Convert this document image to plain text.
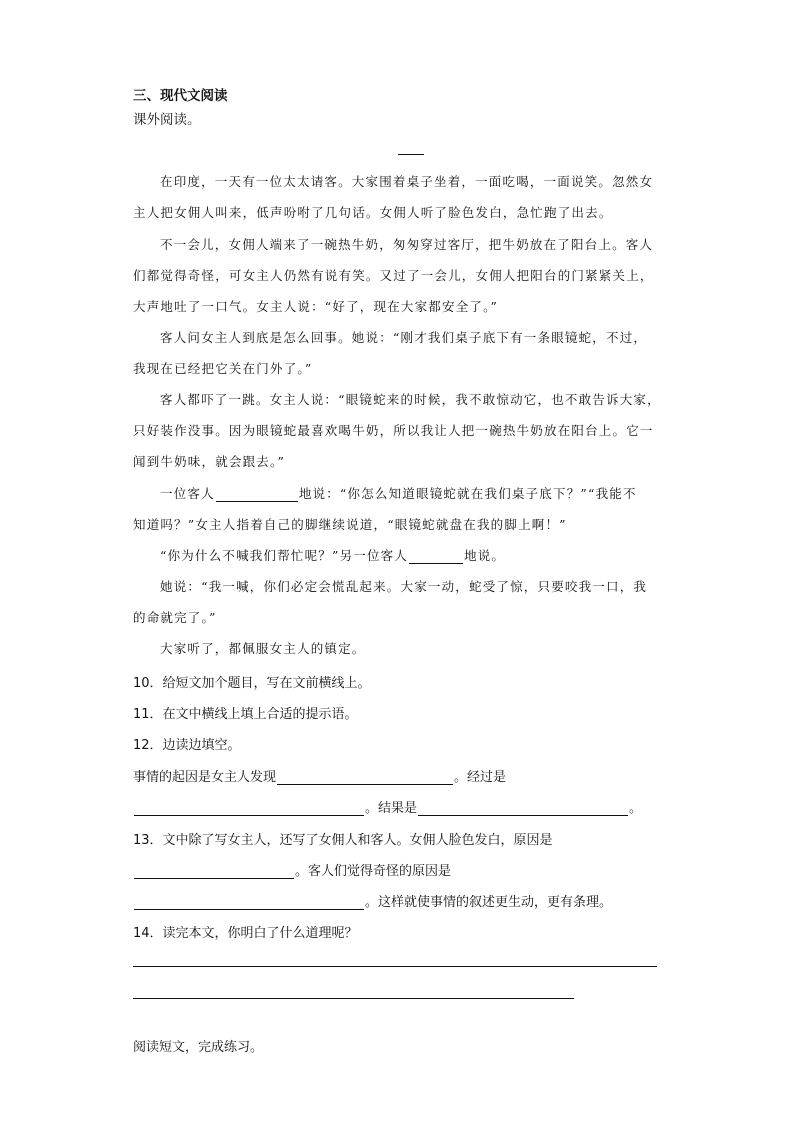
三、现代文阅读
课外阅读。
在印度，一天有一位太太请客。大家围着桌子坐着，一面吃喝，一面说笑。忽然女
主人把女佣人叫来，低声吩咐了几句话。女佣人听了脸色发白，急忙跑了出去。
不一会儿，女佣人端来了一碗热牛奶，匆匆穿过客厅，把牛奶放在了阳台上。客人
们都觉得奇怪，可女主人仍然有说有笑。又过了一会儿，女佣人把阳台的门紧紧关上，
大声地吐了一口气。女主人说：“好了，现在大家都安全了。”
客人问女主人到底是怎么回事。她说：“刚才我们桌子底下有一条眼镜蛇，不过，
我现在已经把它关在门外了。”
客人都吓了一跳。女主人说：“眼镜蛇来的时候，我不敢惊动它，也不敢告诉大家，
只好装作没事。因为眼镜蛇最喜欢喝牛奶，所以我让人把一碗热牛奶放在阳台上。它一
闻到牛奶味，就会跟去。”
一位客人	地说：“你怎么知道眼镜蛇就在我们桌子底下？”“我能不
知道吗？”女主人指着自己的脚继续说道，“眼镜蛇就盘在我的脚上啊！”
“你为什么不喊我们帮忙呢？”另一位客人	地说。
她说：“我一喊，你们必定会慌乱起来。大家一动，蛇受了惊，只要咬我一口，我
的命就完了。”
大家听了，都佩服女主人的镇定。
10．给短文加个题目，写在文前横线上。
11．在文中横线上填上合适的提示语。
12．边读边填空。
事情的起因是女主人发现	。经过是
。结果是	。
13．文中除了写女主人，还写了女佣人和客人。女佣人脸色发白，原因是
。客人们觉得奇怪的原因是
。这样就使事情的叙述更生动，更有条理。
14．读完本文，你明白了什么道理呢？
阅读短文，完成练习。
